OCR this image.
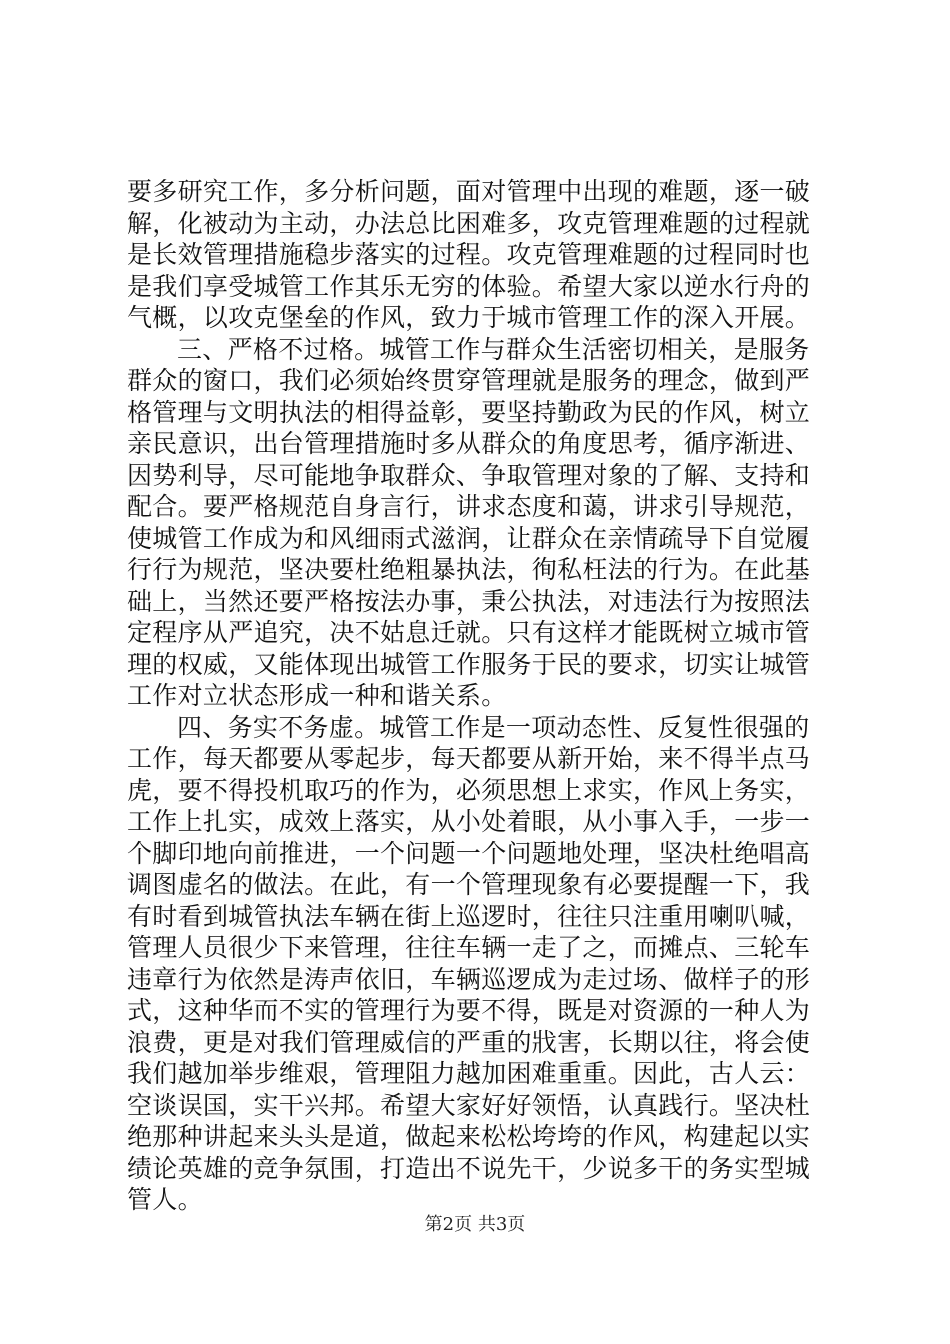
要多研究工作，多分析问题，面对管理中出现的难题，逐一破
解，化被动为主动，办法总比困难多，攻克管理难题的过程就
是长效管理措施稳步落实的过程。攻克管理难题的过程同时也
是我们享受城管工作其乐无穷的体验。希望大家以逆水行舟的
气概，以攻克堡垒的作风，致力于城市管理工作的深入开展。
三、严格不过格。城管工作与群众生活密切相关，是服务
群众的窗口，我们必须始终贯穿管理就是服务的理念，做到严
格管理与文明执法的相得益彰，要坚持勤政为民的作风，树立
亲民意识，出台管理措施时多从群众的角度思考，循序渐进、
因势利导，尽可能地争取群众、争取管理对象的了解、支持和
配合。要严格规范自身言行，讲求态度和蔼，讲求引导规范，
使城管工作成为和风细雨式滋润，让群众在亲情疏导下自觉履
行行为规范，坚决要杜绝粗暴执法，徇私枉法的行为。在此基
础上，当然还要严格按法办事，秉公执法，对违法行为按照法
定程序从严追究，决不姑息迁就。只有这样才能既树立城市管
理的权威，又能体现出城管工作服务于民的要求，切实让城管
工作对立状态形成一种和谐关系。
四、务实不务虚。城管工作是一项动态性、反复性很强的
工作，每天都要从零起步，每天都要从新开始，来不得半点马
虎，要不得投机取巧的作为，必须思想上求实，作风上务实，
工作上扎实，成效上落实，从小处着眼，从小事入手，一步一
个脚印地向前推进，一个问题一个问题地处理，坚决杜绝唱高
调图虚名的做法。在此，有一个管理现象有必要提醒一下，我
有时看到城管执法车辆在街上巡逻时，往往只注重用喇叭喊，
管理人员很少下来管理，往往车辆一走了之，而摊点、三轮车
违章行为依然是涛声依旧，车辆巡逻成为走过场、做样子的形
式，这种华而不实的管理行为要不得，既是对资源的一种人为
浪费，更是对我们管理威信的严重的戕害，长期以往，将会使
我们越加举步维艰，管理阻力越加困难重重。因此，古人云：
空谈误国，实干兴邦。希望大家好好领悟，认真践行。坚决杜
绝那种讲起来头头是道，做起来松松垮垮的作风，构建起以实
绩论英雄的竞争氛围，打造出不说先干，少说多干的务实型城
管人。
第2页 共3页
